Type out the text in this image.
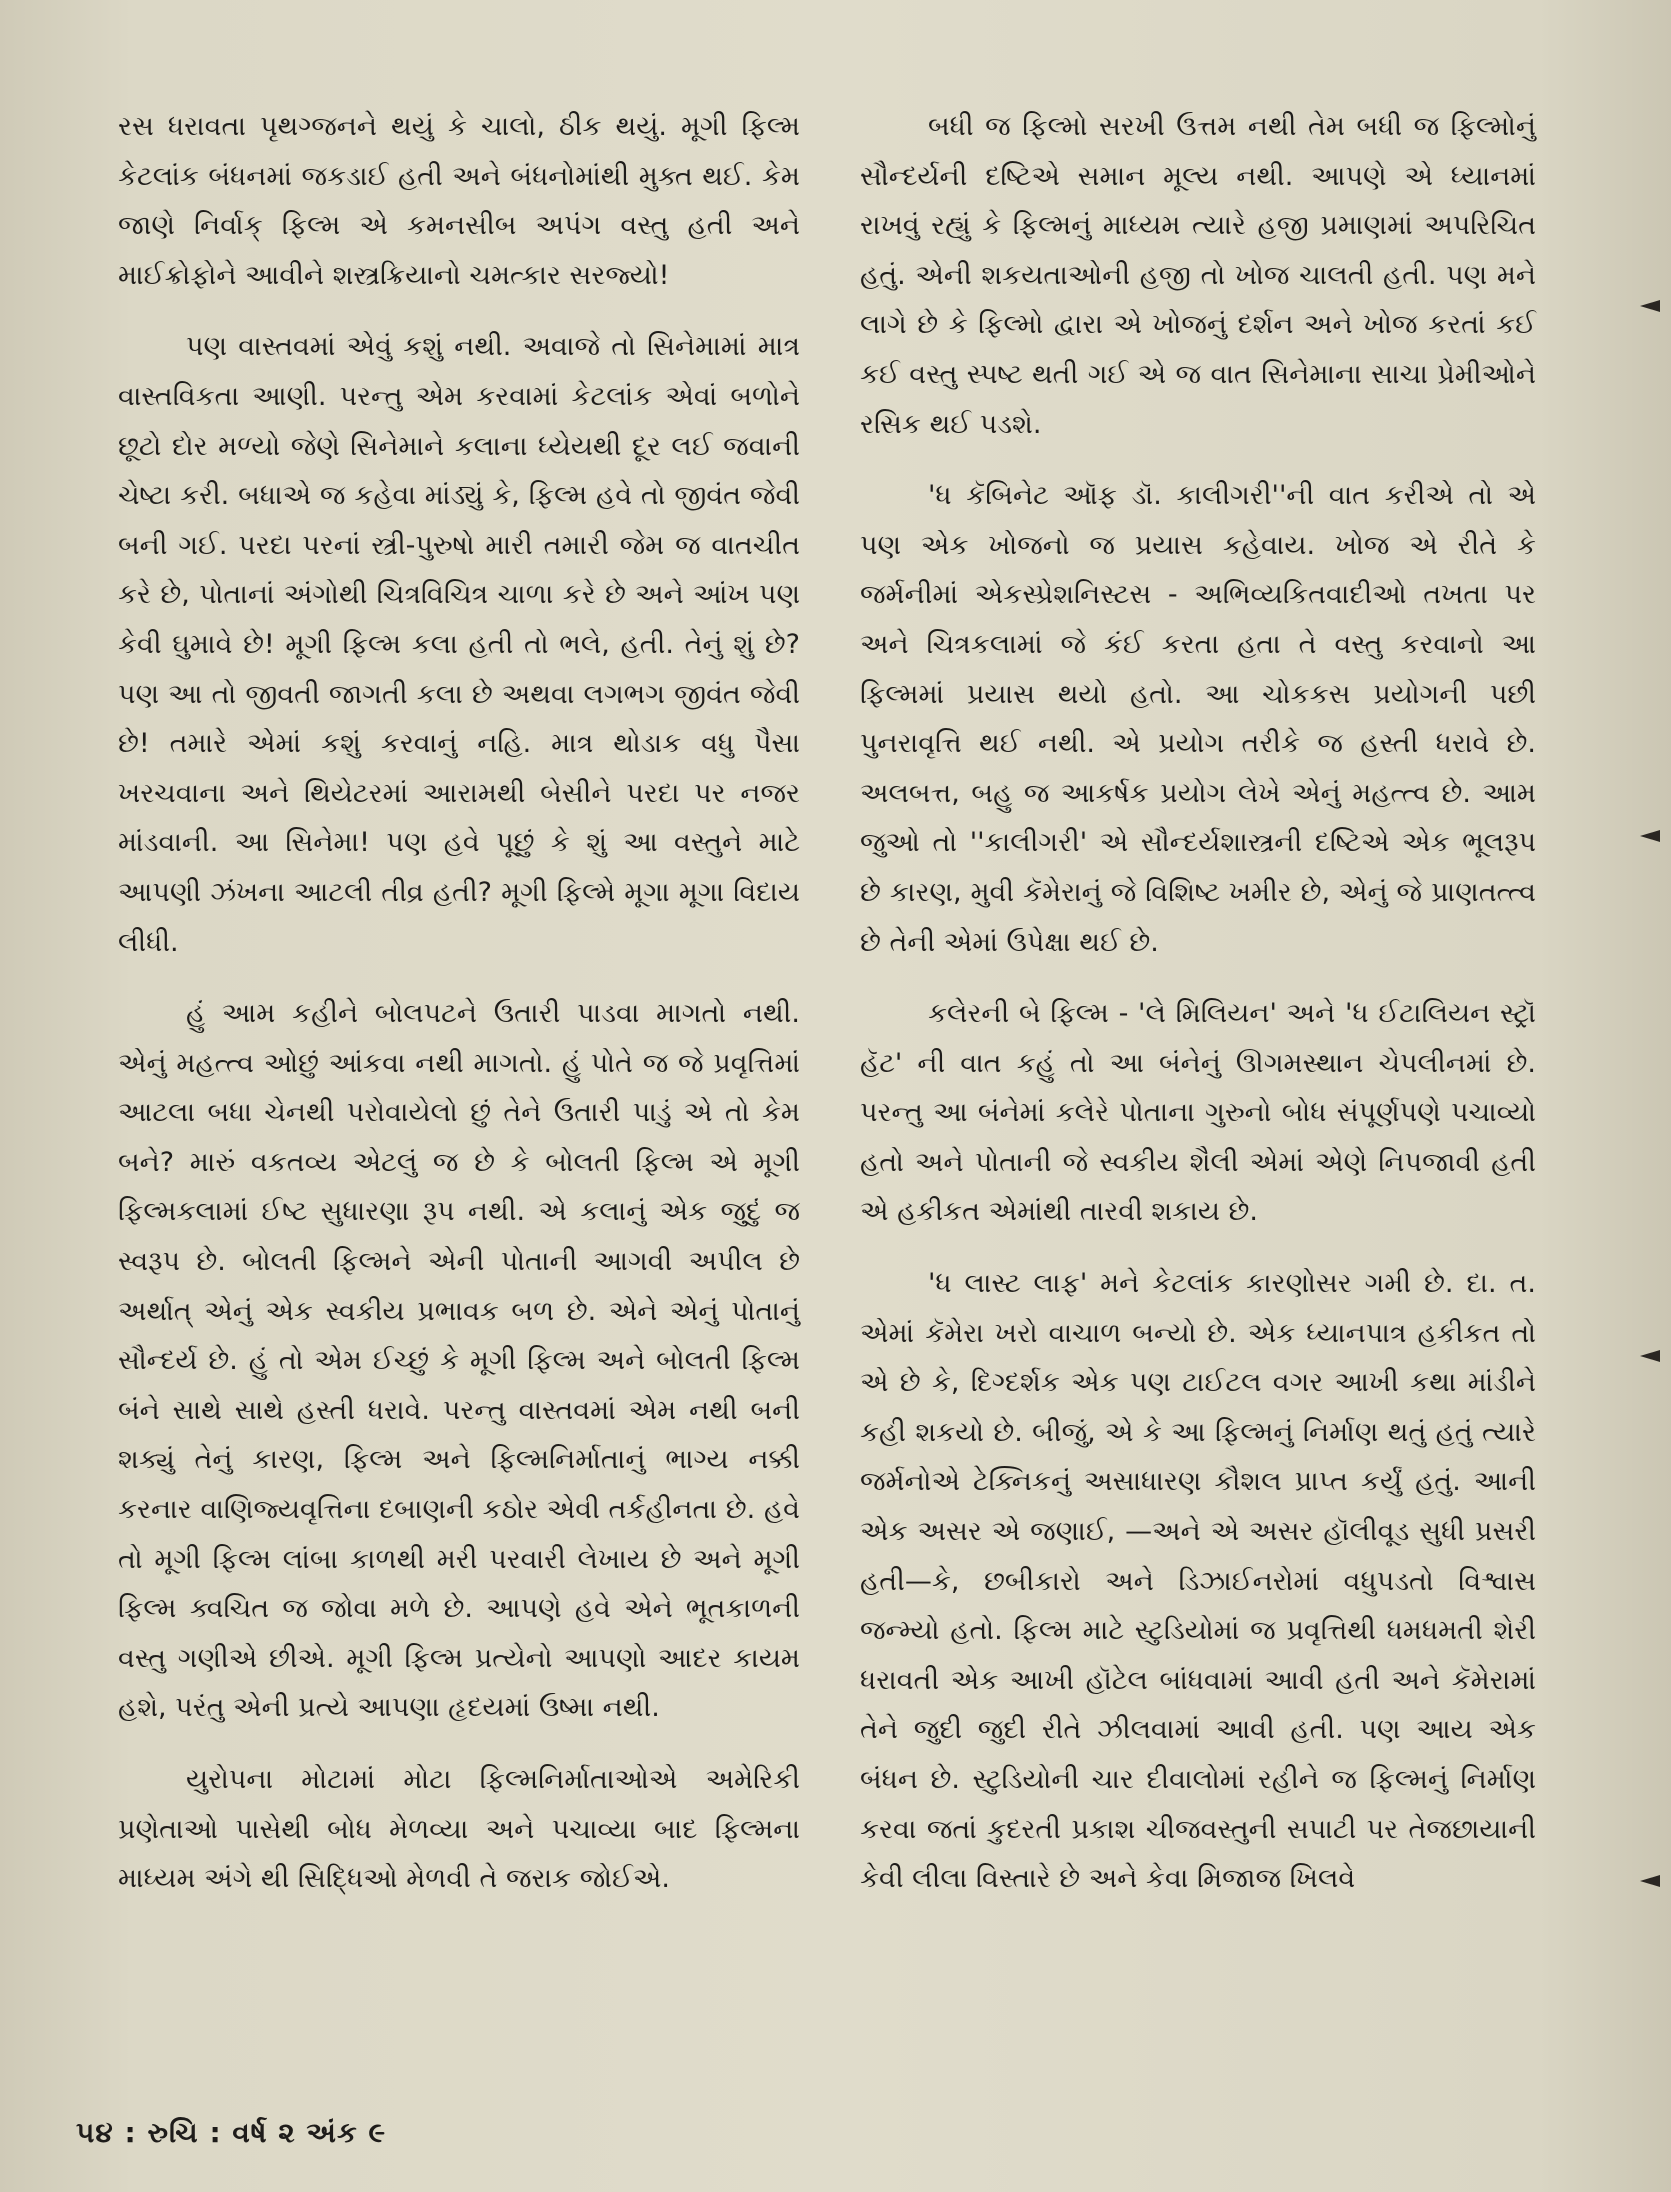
રસ ધરાવતા પૃથગ્જનને થયું કે ચાલો, ઠીક થયું. મૂગી ફિલ્મ કેટલાંક બંધનમાં જકડાઈ હતી અને બંધનોમાંથી મુક્ત થઈ. કેમ જાણે નિર્વાક્ ફિલ્મ એ કમનસીબ અપંગ વસ્તુ હતી અને માઈક્રોફોને આવીને શસ્ત્રક્રિયાનો ચમત્કાર સરજ્યો!

પણ વાસ્તવમાં એવું કશું નથી. અવાજે તો સિનેમામાં માત્ર વાસ્તવિકતા આણી. પરન્તુ એમ કરવામાં કેટલાંક એવાં બળોને છૂટો દોર મળ્યો જેણે સિનેમાને કલાના ધ્યેયથી દૂર લઈ જવાની ચેષ્ટા કરી. બધાએ જ કહેવા માંડ્યું કે, ફિલ્મ હવે તો જીવંત જેવી બની ગઈ. પરદા પરનાં સ્ત્રી-પુરુષો મારી તમારી જેમ જ વાતચીત કરે છે, પોતાનાં અંગોથી ચિત્રવિચિત્ર ચાળા કરે છે અને આંખ પણ કેવી ઘુમાવે છે! મૂગી ફિલ્મ કલા હતી તો ભલે, હતી. તેનું શું છે? પણ આ તો જીવતી જાગતી કલા છે અથવા લગભગ જીવંત જેવી છે! તમારે એમાં કશું કરવાનું નહિ. માત્ર થોડાક વધુ પૈસા ખરચવાના અને થિયેટરમાં આરામથી બેસીને પરદા પર નજર માંડવાની. આ સિનેમા! પણ હવે પૂછું કે શું આ વસ્તુને માટે આપણી ઝંખના આટલી તીવ્ર હતી? મૂગી ફિલ્મે મૂગા મૂગા વિદાય લીધી.

હું આમ કહીને બોલપટને ઉતારી પાડવા માગતો નથી. એનું મહત્ત્વ ઓછું આંકવા નથી માગતો. હું પોતે જ જે પ્રવૃત્તિમાં આટલા બધા ચેનથી પરોવાયેલો છું તેને ઉતારી પાડું એ તો કેમ બને? મારું વકતવ્ય એટલું જ છે કે બોલતી ફિલ્મ એ મૂગી ફિલ્મકલામાં ઈષ્ટ સુધારણા રૂપ નથી. એ કલાનું એક જુદું જ સ્વરૂપ છે. બોલતી ફિલ્મને એની પોતાની આગવી અપીલ છે અર્થાત્ એનું એક સ્વકીય પ્રભાવક બળ છે. એને એનું પોતાનું સૌન્દર્ય છે. હું તો એમ ઈચ્છું કે મૂગી ફિલ્મ અને બોલતી ફિલ્મ બંને સાથે સાથે હસ્તી ધરાવે. પરન્તુ વાસ્તવમાં એમ નથી બની શક્યું તેનું કારણ, ફિલ્મ અને ફિલ્મનિર્માતાનું ભાગ્ય નક્કી કરનાર વાણિજ્યવૃત્તિના દબાણની કઠોર એવી તર્કહીનતા છે. હવે તો મૂગી ફિલ્મ લાંબા કાળથી મરી પરવારી લેખાય છે અને મૂગી ફિલ્મ ક્વચિત જ જોવા મળે છે. આપણે હવે એને ભૂતકાળની વસ્તુ ગણીએ છીએ. મૂગી ફિલ્મ પ્રત્યેનો આપણો આદર કાયમ હશે, પરંતુ એની પ્રત્યે આપણા હૃદયમાં ઉષ્મા નથી.

યુરોપના મોટામાં મોટા ફિલ્મનિર્માતાઓએ અમેરિકી પ્રણેતાઓ પાસેથી બોધ મેળવ્યા અને પચાવ્યા બાદ ફિલ્મના માધ્યમ અંગે થી સિદ્ધિઓ મેળવી તે જરાક જોઈએ.

બધી જ ફિલ્મો સરખી ઉત્તમ નથી તેમ બધી જ ફિલ્મોનું સૌન્દર્યની દષ્ટિએ સમાન મૂલ્ય નથી. આપણે એ ધ્યાનમાં રાખવું રહ્યું કે ફિલ્મનું માધ્યમ ત્યારે હજી પ્રમાણમાં અપરિચિત હતું. એની શકયતાઓની હજી તો ખોજ ચાલતી હતી. પણ મને લાગે છે કે ફિલ્મો દ્વારા એ ખોજનું દર્શન અને ખોજ કરતાં કઈ કઈ વસ્તુ સ્પષ્ટ થતી ગઈ એ જ વાત સિનેમાના સાચા પ્રેમીઓને રસિક થઈ પડશે.

'ધ કૅબિનેટ ઑફ ડૉ. કાલીગરી''ની વાત કરીએ તો એ પણ એક ખોજનો જ પ્રયાસ કહેવાય. ખોજ એ રીતે કે જર્મનીમાં એકસ્પ્રેશનિસ્ટસ - અભિવ્યકિતવાદીઓ તખતા પર અને ચિત્રકલામાં જે કંઈ કરતા હતા તે વસ્તુ કરવાનો આ ફિલ્મમાં પ્રયાસ થયો હતો. આ ચોકકસ પ્રયોગની પછી પુનરાવૃત્તિ થઈ નથી. એ પ્રયોગ તરીકે જ હસ્તી ધરાવે છે. અલબત્ત, બહુ જ આકર્ષક પ્રયોગ લેખે એનું મહત્ત્વ છે. આમ જુઓ તો ''કાલીગરી' એ સૌન્દર્યશાસ્ત્રની દષ્ટિએ એક ભૂલરૂપ છે કારણ, મુવી કૅમેરાનું જે વિશિષ્ટ ખમીર છે, એનું જે પ્રાણતત્ત્વ છે તેની એમાં ઉપેક્ષા થઈ છે.

કલેરની બે ફિલ્મ - 'લે મિલિયન' અને 'ધ ઈટાલિયન સ્ટ્રૉ હૅટ' ની વાત કહું તો આ બંનેનું ઊગમસ્થાન ચેપલીનમાં છે. પરન્તુ આ બંનેમાં કલેરે પોતાના ગુરુનો બોધ સંપૂર્ણપણે પચાવ્યો હતો અને પોતાની જે સ્વકીય શૈલી એમાં એણે નિપજાવી હતી એ હકીકત એમાંથી તારવી શકાય છે.

'ધ લાસ્ટ લાફ' મને કેટલાંક કારણોસર ગમી છે. દા. ત. એમાં કૅમેરા ખરો વાચાળ બન્યો છે. એક ધ્યાનપાત્ર હકીકત તો એ છે કે, દિગ્દર્શક એક પણ ટાઈટલ વગર આખી કથા માંડીને કહી શકયો છે. બીજું, એ કે આ ફિલ્મનું નિર્માણ થતું હતું ત્યારે જર્મનોએ ટેક્નિકનું અસાધારણ કૌશલ પ્રાપ્ત કર્યું હતું. આની એક અસર એ જણાઈ, —અને એ અસર હૉલીવૂડ સુધી પ્રસરી હતી—કે, છબીકારો અને ડિઝાઈનરોમાં વધુપડતો વિશ્વાસ જન્મ્યો હતો. ફિલ્મ માટે સ્ટુડિયોમાં જ પ્રવૃત્તિથી ધમધમતી શેરી ધરાવતી એક આખી હૉટેલ બાંધવામાં આવી હતી અને કૅમેરામાં તેને જુદી જુદી રીતે ઝીલવામાં આવી હતી. પણ આય એક બંધન છે. સ્ટુડિયોની ચાર દીવાલોમાં રહીને જ ફિલ્મનું નિર્માણ કરવા જતાં કુદરતી પ્રકાશ ચીજવસ્તુની સપાટી પર તેજછાયાની કેવી લીલા વિસ્તારે છે અને કેવા મિજાજ ખિલવે

૫૪ : રુચિ : વર્ષ ૨ અંક ૯
